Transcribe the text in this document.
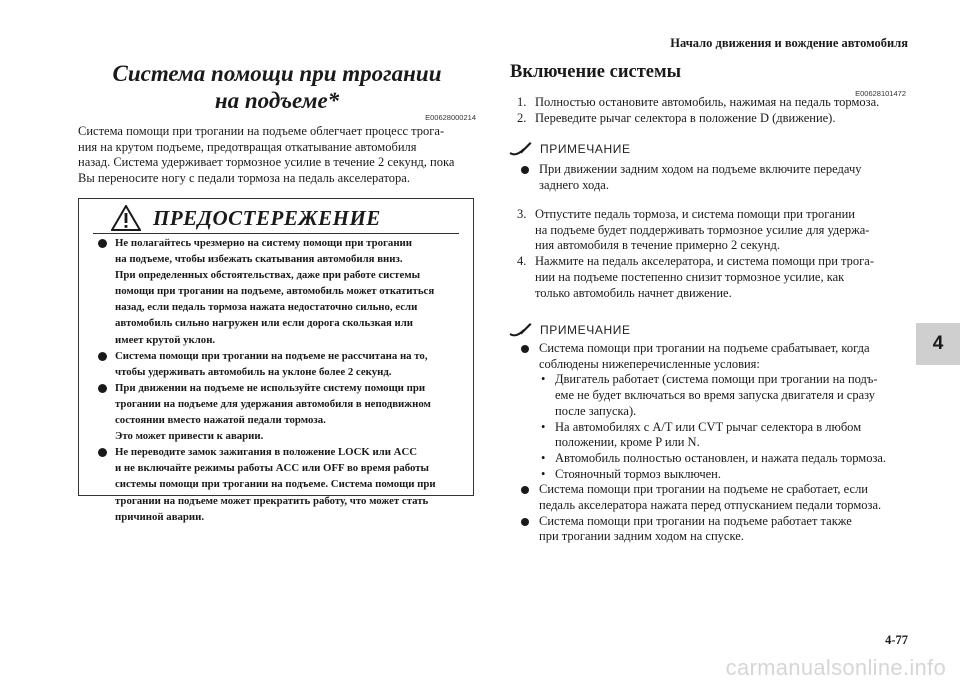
Начало движения и вождение автомобиля
4
4-77
carmanualsonline.info
Система помощи при трогании
на подъеме*
E00628000214

Система помощи при трогании на подъеме облегчает процесс трога-

ния на крутом подъеме, предотвращая откатывание автомобиля

назад. Система удерживает тормозное усилие в течение 2 секунд, пока

Вы переносите ногу с педали тормоза на педаль акселератора.

ПРЕДОСТЕРЕЖЕНИЕ
Не полагайтесь чрезмерно на систему помощи при трогании
на подъеме, чтобы избежать скатывания автомобиля вниз.
При определенных обстоятельствах, даже при работе системы
помощи при трогании на подъеме, автомобиль может откатиться
назад, если педаль тормоза нажата недостаточно сильно, если
автомобиль сильно нагружен или если дорога скользкая или
имеет крутой уклон.
Система помощи при трогании на подъеме не рассчитана на то,
чтобы удерживать автомобиль на уклоне более 2 секунд.
При движении на подъеме не используйте систему помощи при
трогании на подъеме для удержания автомобиля в неподвижном
состоянии вместо нажатой педали тормоза.
Это может привести к аварии.
Не переводите замок зажигания в положение LOCK или ACC
и не включайте режимы работы ACC или OFF во время работы
системы помощи при трогании на подъеме. Система помощи при
трогании на подъеме может прекратить работу, что может стать
причиной аварии.
Включение системы
E00628101472
1. Полностью остановите автомобиль, нажимая на педаль тормоза.
2. Переведите рычаг селектора в положение D (движение).
ПРИМЕЧАНИЕ
При движении задним ходом на подъеме включите передачу
заднего хода.
3. Отпустите педаль тормоза, и система помощи при трогании
на подъеме будет поддерживать тормозное усилие для удержа-
ния автомобиля в течение примерно 2 секунд.
4. Нажмите на педаль акселератора, и система помощи при трога-
нии на подъеме постепенно снизит тормозное усилие, как
только автомобиль начнет движение.
ПРИМЕЧАНИЕ
Система помощи при трогании на подъеме срабатывает, когда
соблюдены нижеперечисленные условия:
• Двигатель работает (система помощи при трогании на подъ-
еме не будет включаться во время запуска двигателя и сразу
после запуска).
• На автомобилях с A/T или CVT рычаг селектора в любом
положении, кроме P или N.
• Автомобиль полностью остановлен, и нажата педаль тормоза.
• Стояночный тормоз выключен.
Система помощи при трогании на подъеме не сработает, если
педаль акселератора нажата перед отпусканием педали тормоза.
Система помощи при трогании на подъеме работает также
при трогании задним ходом на спуске.
